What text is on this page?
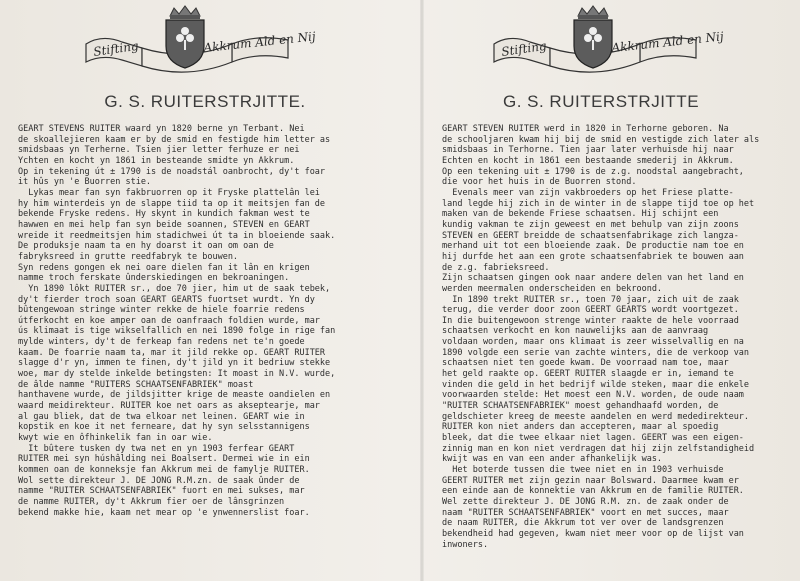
Stifting	Akkrum Ald en Nij
G. S. RUITERSTRJITTE.
GEART STEVENS RUITER waard yn 1820 berne yn Terbant. Nei
de skoallejieren kaam er by de smid en festigde him letter as
smidsbaas yn Terherne. Tsien jier letter ferhuze er nei
Ychten en kocht yn 1861 in besteande smidte yn Akkrum.
Op in tekening út ± 1790 is de noadstál oanbrocht, dy't foar
it hûs yn 'e Buorren stie.
Lykas mear fan syn fakbruorren op it Fryske plattelân lei
hy him winterdeis yn de slappe tiid ta op it meitsjen fan de
bekende Fryske redens. Hy skynt in kundich fakman west te
hawwen en mei help fan syn beide soannen, STEVEN en GEART
wreide it reedmeitsjen him stadichwei út ta in bloeiende saak.
De produksje naam ta en hy doarst it oan om oan de
fabryksreed in grutte reedfabryk te bouwen.
Syn redens gongen ek nei oare dielen fan it lân en krigen
namme troch ferskate ûnderskiedingen en bekroaningen.
Yn 1890 lôkt RUITER sr., doe 70 jier, him ut de saak tebek,
dy't fierder troch soan GEART GEARTS fuortset wurdt. Yn dy
bûtengewoan stringe winter rekke de hiele foarrie redens
útferkocht en koe amper oan de oanfraach foldien wurde, mar
ús klimaat is tige wikselfallich en nei 1890 folge in rige fan
mylde winters, dy't de ferkeap fan redens net te'n goede
kaam. De foarrie naam ta, mar it jild rekke op. GEART RUITER
slagge d'r yn, immen te finen, dy't jild yn it bedriuw stekke
woe, mar dy stelde inkelde betingsten: It moast in N.V. wurde,
de âlde namme "RUITERS SCHAATSENFABRIEK" moast
hanthavene wurde, de jildsjitter krige de measte oandielen en
waard meidirekteur. RUITER koe net oars as akseptearje, mar
al gau bliek, dat de twa elkoar net leinen. GEART wie in
kopstik en koe it net ferneare, dat hy syn selsstannigens
kwyt wie en ôfhinkelik fan in oar wie.
It bûtere tusken dy twa net en yn 1903 ferfear GEART
RUITER mei syn húshâlding nei Boalsert. Dermei wie in ein
kommen oan de konneksje fan Akkrum mei de famylje RUITER.
Wol sette direkteur J. DE JONG R.M.zn. de saak ûnder de
namme "RUITER SCHAATSENFABRIEK" fuort en mei sukses, mar
de namme RUITER, dy't Akkrum fier oer de lânsgrinzen
bekend makke hie, kaam net mear op 'e ynwennerslist foar.
Stifting	Akkrum Ald en Nij
G. S. RUITERSTRJITTE
GEART STEVEN RUITER werd in 1820 in Terhorne geboren. Na
de schooljaren kwam hij bij de smid en vestigde zich later als
smidsbaas in Terhorne. Tien jaar later verhuisde hij naar
Echten en kocht in 1861 een bestaande smederij in Akkrum.
Op een tekening uit ± 1790 is de z.g. noodstal aangebracht,
die voor het huis in de Buorren stond.
Evenals meer van zijn vakbroeders op het Friese platte-
land legde hij zich in de winter in de slappe tijd toe op het
maken van de bekende Friese schaatsen. Hij schijnt een
kundig vakman te zijn geweest en met behulp van zijn zoons
STEVEN en GEERT breidde de schaatsenfabrikage zich langza-
merhand uit tot een bloeiende zaak. De productie nam toe en
hij durfde het aan een grote schaatsenfabriek te bouwen aan
de z.g. fabrieksreed.
Zijn schaatsen gingen ook naar andere delen van het land en
werden meermalen onderscheiden en bekroond.
In 1890 trekt RUITER sr., toen 70 jaar, zich uit de zaak
terug, die verder door zoon GEERT GEARTS wordt voortgezet.
In die buitengewoon strenge winter raakte de hele voorraad
schaatsen verkocht en kon nauwelijks aan de aanvraag
voldaan worden, maar ons klimaat is zeer wisselvallig en na
1890 volgde een serie van zachte winters, die de verkoop van
schaatsen niet ten goede kwam. De voorraad nam toe, maar
het geld raakte op. GEERT RUITER slaagde er in, iemand te
vinden die geld in het bedrijf wilde steken, maar die enkele
voorwaarden stelde: Het moest een N.V. worden, de oude naam
"RUITER SCHAATSENFABRIEK" moest gehandhaafd worden, de
geldschieter kreeg de meeste aandelen en werd mededirekteur.
RUITER kon niet anders dan accepteren, maar al spoedig
bleek, dat die twee elkaar niet lagen. GEERT was een eigen-
zinnig man en kon niet verdragen dat hij zijn zelfstandigheid
kwijt was en van een ander afhankelijk was.
Het boterde tussen die twee niet en in 1903 verhuisde
GEERT RUITER met zijn gezin naar Bolsward. Daarmee kwam er
een einde aan de konnektie van Akkrum en de familie RUITER.
Wel zette direkteur J. DE JONG R.M. zn. de zaak onder de
naam "RUITER SCHAATSENFABRIEK" voort en met succes, maar
de naam RUITER, die Akkrum tot ver over de landsgrenzen
bekendheid had gegeven, kwam niet meer voor op de lijst van
inwoners.
